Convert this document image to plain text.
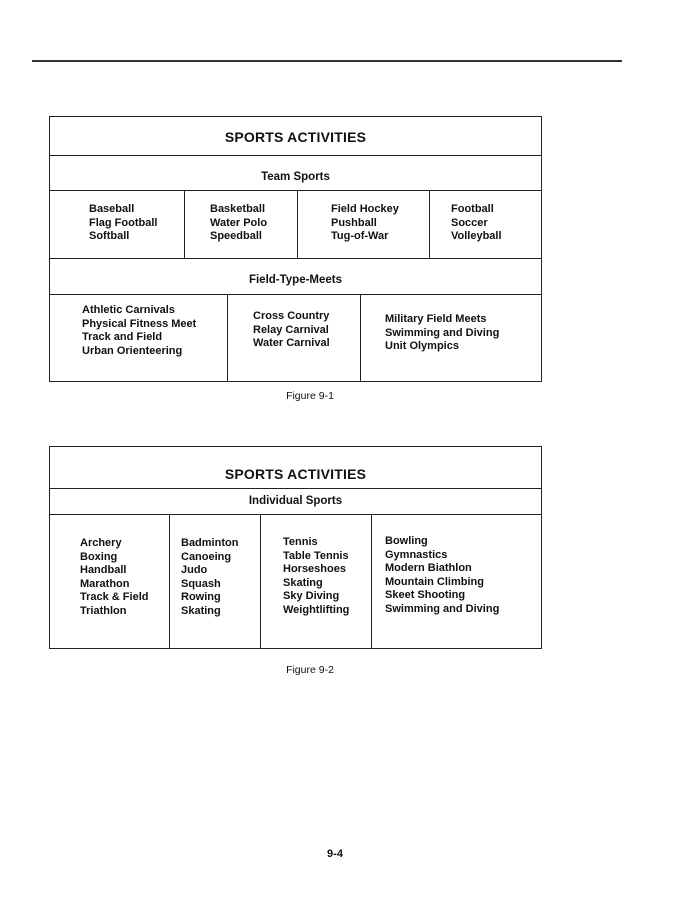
SPORTS ACTIVITIES
Team Sports
Baseball
Flag Football
Softball
Basketball
Water Polo
Speedball
Field Hockey
Pushball
Tug-of-War
Football
Soccer
Volleyball
Field-Type-Meets
Athletic Carnivals
Physical Fitness Meet
Track and Field
Urban Orienteering
Cross Country
Relay Carnival
Water Carnival
Military Field Meets
Swimming and Diving
Unit Olympics
Figure 9-1
SPORTS ACTIVITIES
Individual Sports
Archery
Boxing
Handball
Marathon
Track & Field
Triathlon
Badminton
Canoeing
Judo
Squash
Rowing
Skating
Tennis
Table Tennis
Horseshoes
Skating
Sky Diving
Weightlifting
Bowling
Gymnastics
Modern Biathlon
Mountain Climbing
Skeet Shooting
Swimming and Diving
Figure 9-2
9-4
